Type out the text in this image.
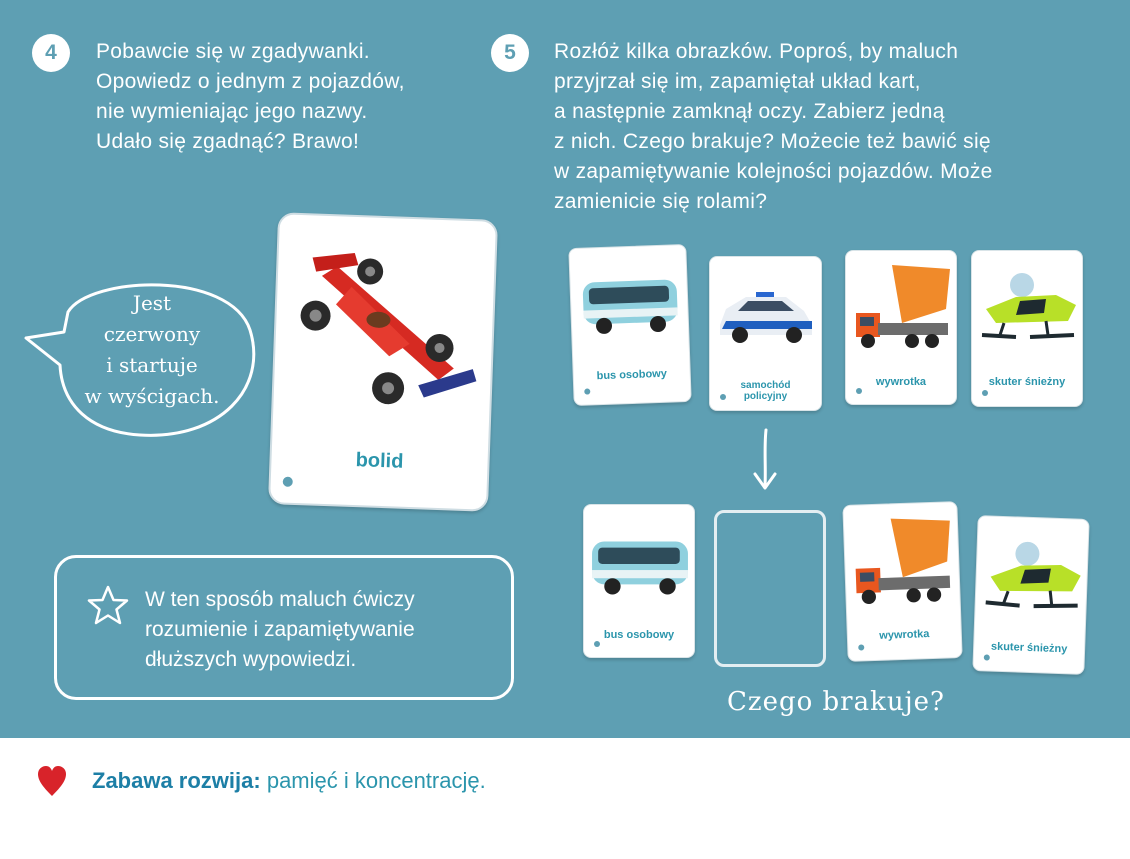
4	Pobawcie się w zgadywanki.
Opowiedz o jednym z pojazdów,
nie wymieniając jego nazwy.
Udało się zgadnąć? Brawo!
5	Rozłóż kilka obrazków. Poproś, by maluch
przyjrzał się im, zapamiętał układ kart,
a następnie zamknął oczy. Zabierz jedną
z nich. Czego brakuje? Możecie też bawić się
w zapamiętywanie kolejności pojazdów. Może
zamienicie się rolami?
Jest
czerwony
i startuje
w wyścigach.
bolid
W ten sposób maluch ćwiczy
rozumienie i zapamiętywanie
dłuższych wypowiedzi.
bus osobowy
samochód
policyjny
wywrotka	skuter śnieżny
bus osobowy	wywrotka
skuter śnieżny
Czego brakuje?
Zabawa rozwija: pamięć i koncentrację.
